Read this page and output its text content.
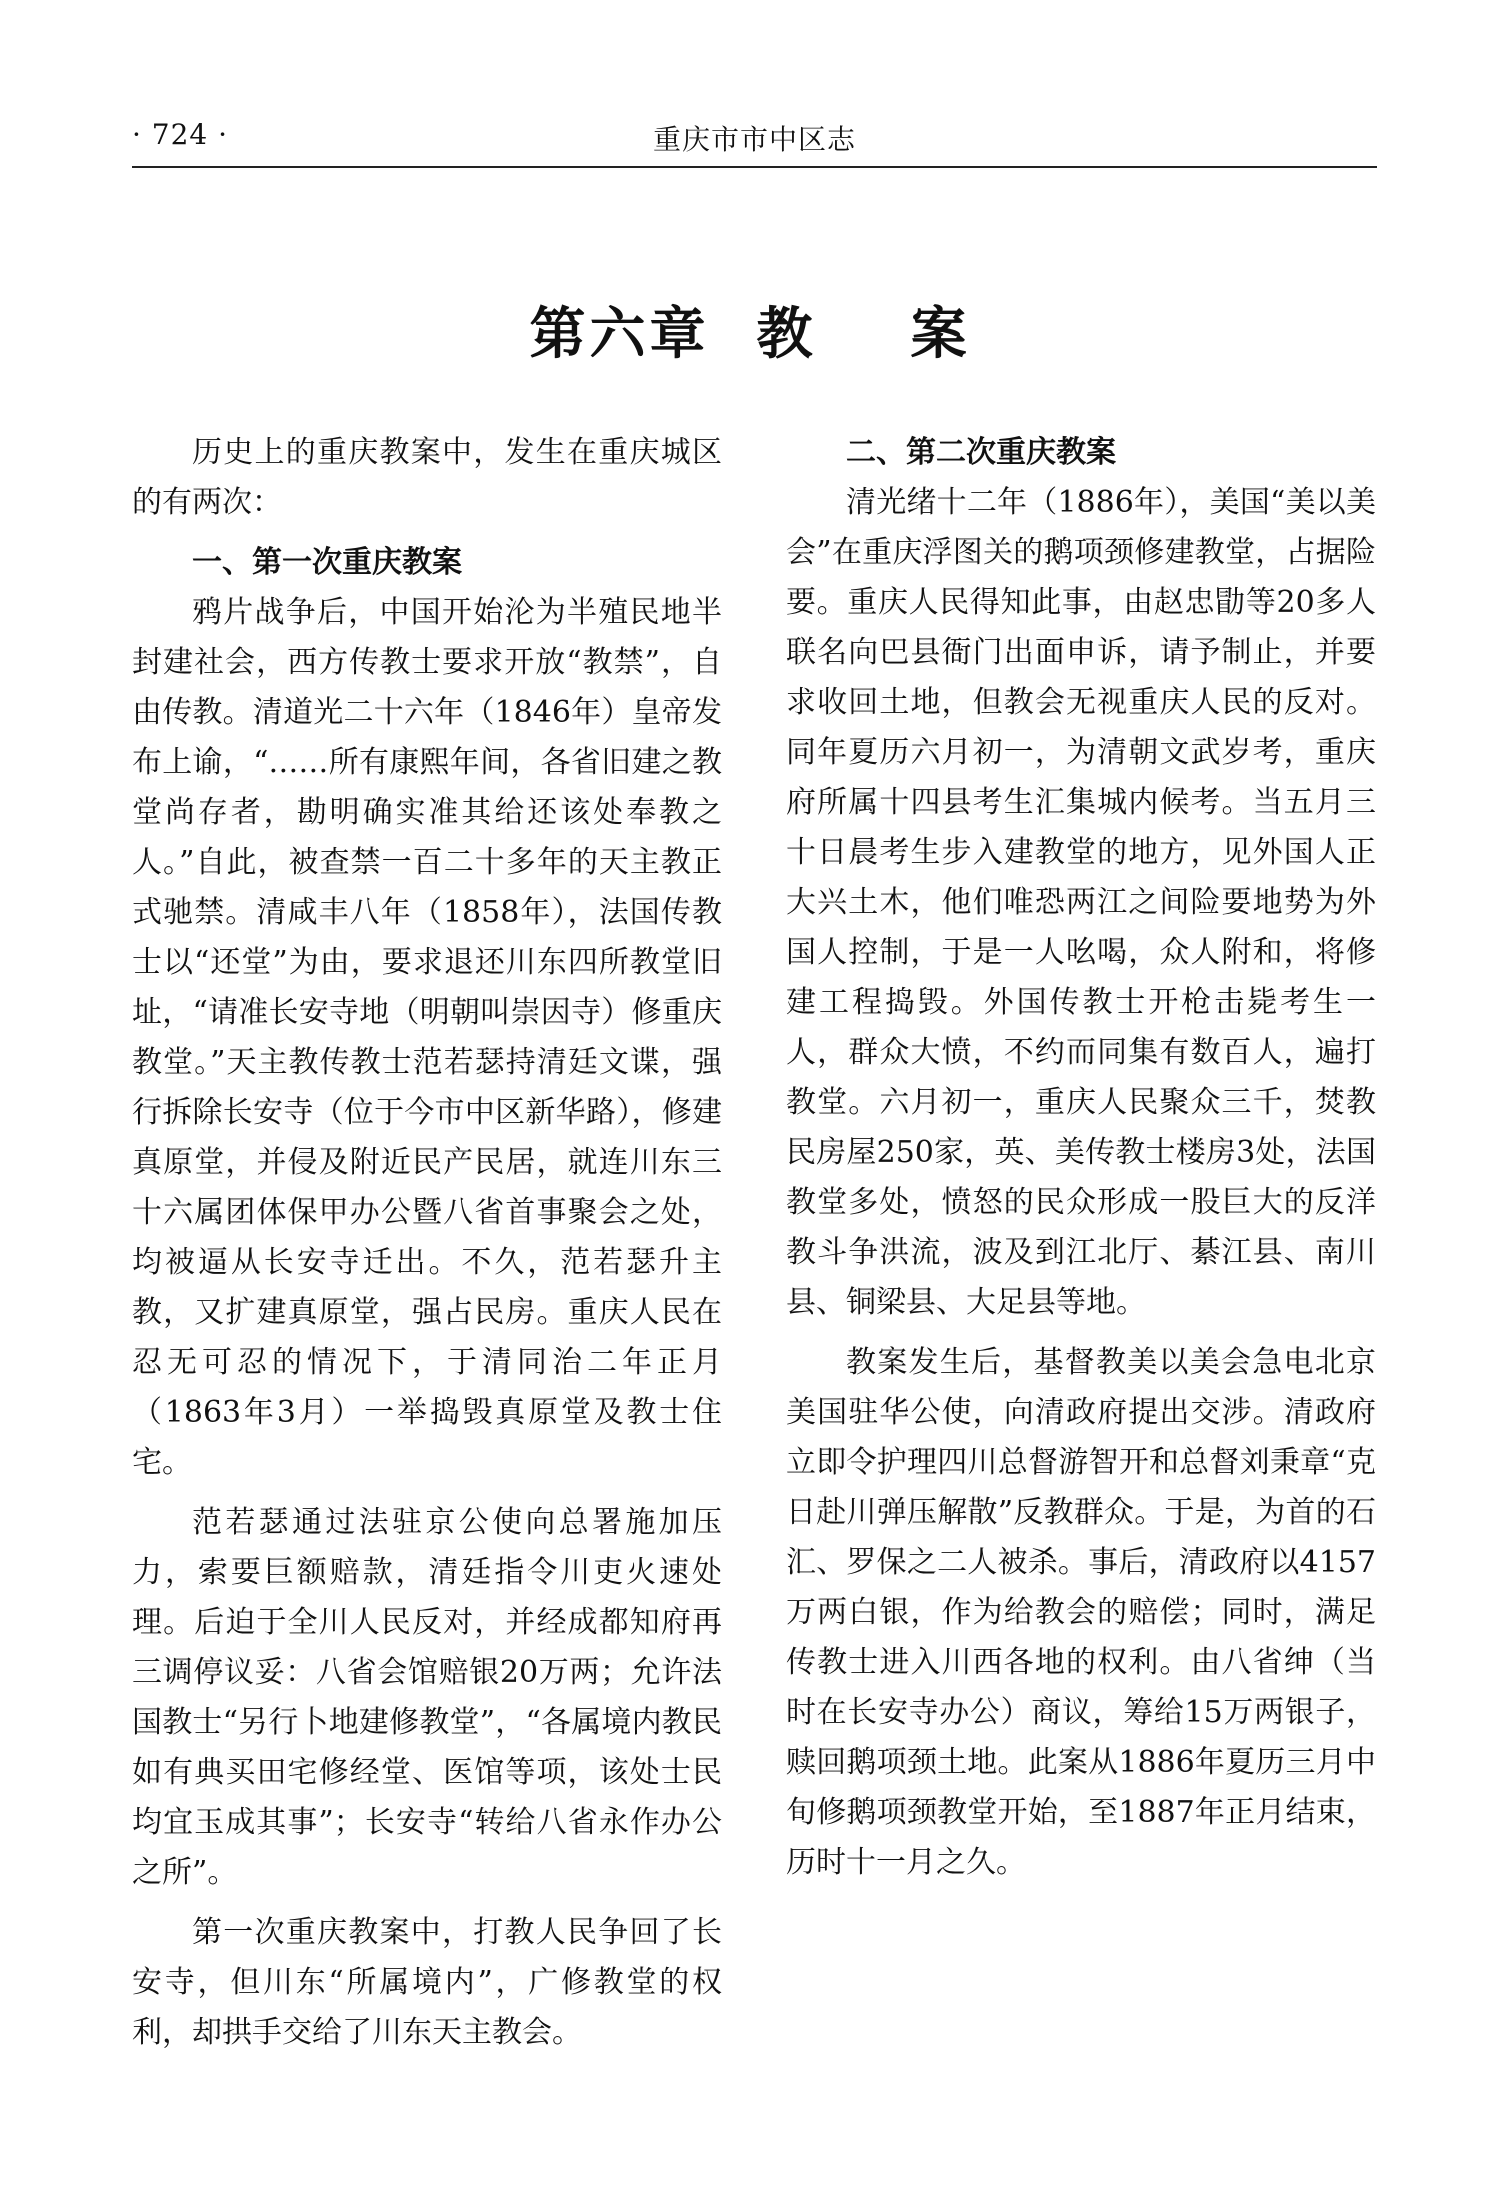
· 724 ·	重庆市市中区志
第六章  教    案

历史上的重庆教案中，发生在重庆城区的有两次：

一、第一次重庆教案

鸦片战争后，中国开始沦为半殖民地半封建社会，西方传教士要求开放“教禁”，自由传教。清道光二十六年（1846年）皇帝发布上谕，“……所有康熙年间，各省旧建之教堂尚存者，勘明确实准其给还该处奉教之人。”自此，被查禁一百二十多年的天主教正式驰禁。清咸丰八年（1858年），法国传教士以“还堂”为由，要求退还川东四所教堂旧址，“请准长安寺地（明朝叫崇因寺）修重庆教堂。”天主教传教士范若瑟持清廷文谍，强行拆除长安寺（位于今市中区新华路），修建真原堂，并侵及附近民产民居，就连川东三十六属团体保甲办公暨八省首事聚会之处，均被逼从长安寺迁出。不久，范若瑟升主教，又扩建真原堂，强占民房。重庆人民在忍无可忍的情况下，于清同治二年正月（1863年3月）一举捣毁真原堂及教士住宅。

范若瑟通过法驻京公使向总署施加压力，索要巨额赔款，清廷指令川吏火速处理。后迫于全川人民反对，并经成都知府再三调停议妥：八省会馆赔银20万两；允许法国教士“另行卜地建修教堂”，“各属境内教民如有典买田宅修经堂、医馆等项，该处士民均宜玉成其事”；长安寺“转给八省永作办公之所”。

第一次重庆教案中，打教人民争回了长安寺，但川东“所属境内”，广修教堂的权利，却拱手交给了川东天主教会。

二、第二次重庆教案

清光绪十二年（1886年），美国“美以美会”在重庆浮图关的鹅项颈修建教堂，占据险要。重庆人民得知此事，由赵忠勖等20多人联名向巴县衙门出面申诉，请予制止，并要求收回土地，但教会无视重庆人民的反对。同年夏历六月初一，为清朝文武岁考，重庆府所属十四县考生汇集城内候考。当五月三十日晨考生步入建教堂的地方，见外国人正大兴土木，他们唯恐两江之间险要地势为外国人控制，于是一人吆喝，众人附和，将修建工程捣毁。外国传教士开枪击毙考生一人，群众大愤，不约而同集有数百人，遍打教堂。六月初一，重庆人民聚众三千，焚教民房屋250家，英、美传教士楼房3处，法国教堂多处，愤怒的民众形成一股巨大的反洋教斗争洪流，波及到江北厅、綦江县、南川县、铜梁县、大足县等地。

教案发生后，基督教美以美会急电北京美国驻华公使，向清政府提出交涉。清政府立即令护理四川总督游智开和总督刘秉章“克日赴川弹压解散”反教群众。于是，为首的石汇、罗保之二人被杀。事后，清政府以4157万两白银，作为给教会的赔偿；同时，满足传教士进入川西各地的权利。由八省绅（当时在长安寺办公）商议，筹给15万两银子，赎回鹅项颈土地。此案从1886年夏历三月中旬修鹅项颈教堂开始，至1887年正月结束，历时十一月之久。
